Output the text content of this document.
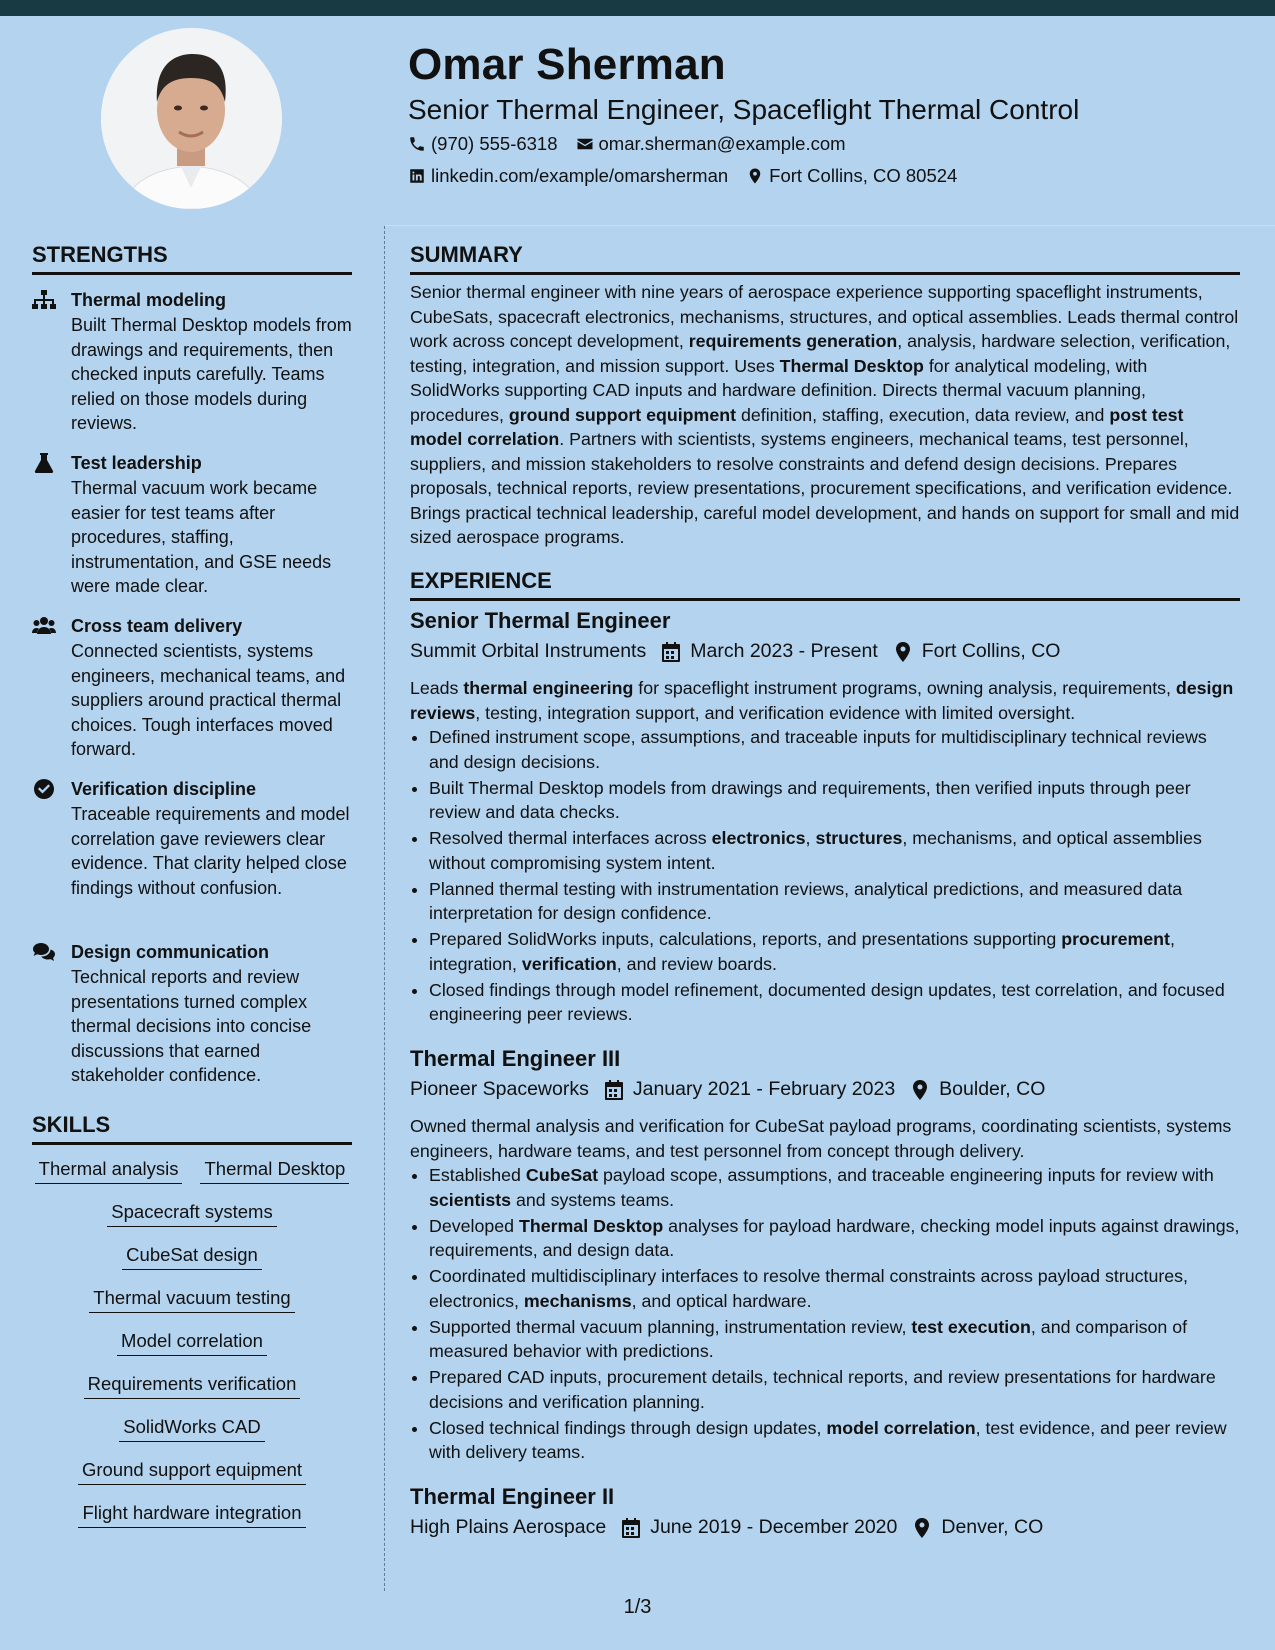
Omar Sherman
Senior Thermal Engineer, Spaceflight Thermal Control
(970) 555-6318 omar.sherman@example.com
linkedin.com/example/omarsherman Fort Collins, CO 80524
STRENGTHS
Thermal modeling
Built Thermal Desktop models from drawings and requirements, then checked inputs carefully. Teams relied on those models during reviews.
Test leadership
Thermal vacuum work became easier for test teams after procedures, staffing, instrumentation, and GSE needs were made clear.
Cross team delivery
Connected scientists, systems engineers, mechanical teams, and suppliers around practical thermal choices. Tough interfaces moved forward.
Verification discipline
Traceable requirements and model correlation gave reviewers clear evidence. That clarity helped close findings without confusion.
Design communication
Technical reports and review presentations turned complex thermal decisions into concise discussions that earned stakeholder confidence.
SKILLS
Thermal analysis Thermal Desktop
Spacecraft systems
CubeSat design
Thermal vacuum testing
Model correlation
Requirements verification
SolidWorks CAD
Ground support equipment
Flight hardware integration
SUMMARY

Senior thermal engineer with nine years of aerospace experience supporting spaceflight instruments, CubeSats, spacecraft electronics, mechanisms, structures, and optical assemblies. Leads thermal control work across concept development, requirements generation, analysis, hardware selection, verification, testing, integration, and mission support. Uses Thermal Desktop for analytical modeling, with SolidWorks supporting CAD inputs and hardware definition. Directs thermal vacuum planning, procedures, ground support equipment definition, staffing, execution, data review, and post test model correlation. Partners with scientists, systems engineers, mechanical teams, test personnel, suppliers, and mission stakeholders to resolve constraints and defend design decisions. Prepares proposals, technical reports, review presentations, procurement specifications, and verification evidence. Brings practical technical leadership, careful model development, and hands on support for small and mid sized aerospace programs.

EXPERIENCE
Senior Thermal Engineer
Summit Orbital Instruments March 2023 - Present Fort Collins, CO

Leads thermal engineering for spaceflight instrument programs, owning analysis, requirements, design reviews, testing, integration support, and verification evidence with limited oversight.

• Defined instrument scope, assumptions, and traceable inputs for multidisciplinary technical reviews and design decisions.
• Built Thermal Desktop models from drawings and requirements, then verified inputs through peer review and data checks.
• Resolved thermal interfaces across electronics, structures, mechanisms, and optical assemblies without compromising system intent.
• Planned thermal testing with instrumentation reviews, analytical predictions, and measured data interpretation for design confidence.
• Prepared SolidWorks inputs, calculations, reports, and presentations supporting procurement, integration, verification, and review boards.
• Closed findings through model refinement, documented design updates, test correlation, and focused engineering peer reviews.
Thermal Engineer III
Pioneer Spaceworks January 2021 - February 2023 Boulder, CO

Owned thermal analysis and verification for CubeSat payload programs, coordinating scientists, systems engineers, hardware teams, and test personnel from concept through delivery.

• Established CubeSat payload scope, assumptions, and traceable engineering inputs for review with scientists and systems teams.
• Developed Thermal Desktop analyses for payload hardware, checking model inputs against drawings, requirements, and design data.
• Coordinated multidisciplinary interfaces to resolve thermal constraints across payload structures, electronics, mechanisms, and optical hardware.
• Supported thermal vacuum planning, instrumentation review, test execution, and comparison of measured behavior with predictions.
• Prepared CAD inputs, procurement details, technical reports, and review presentations for hardware decisions and verification planning.
• Closed technical findings through design updates, model correlation, test evidence, and peer review with delivery teams.
Thermal Engineer II
High Plains Aerospace June 2019 - December 2020 Denver, CO
1/3
